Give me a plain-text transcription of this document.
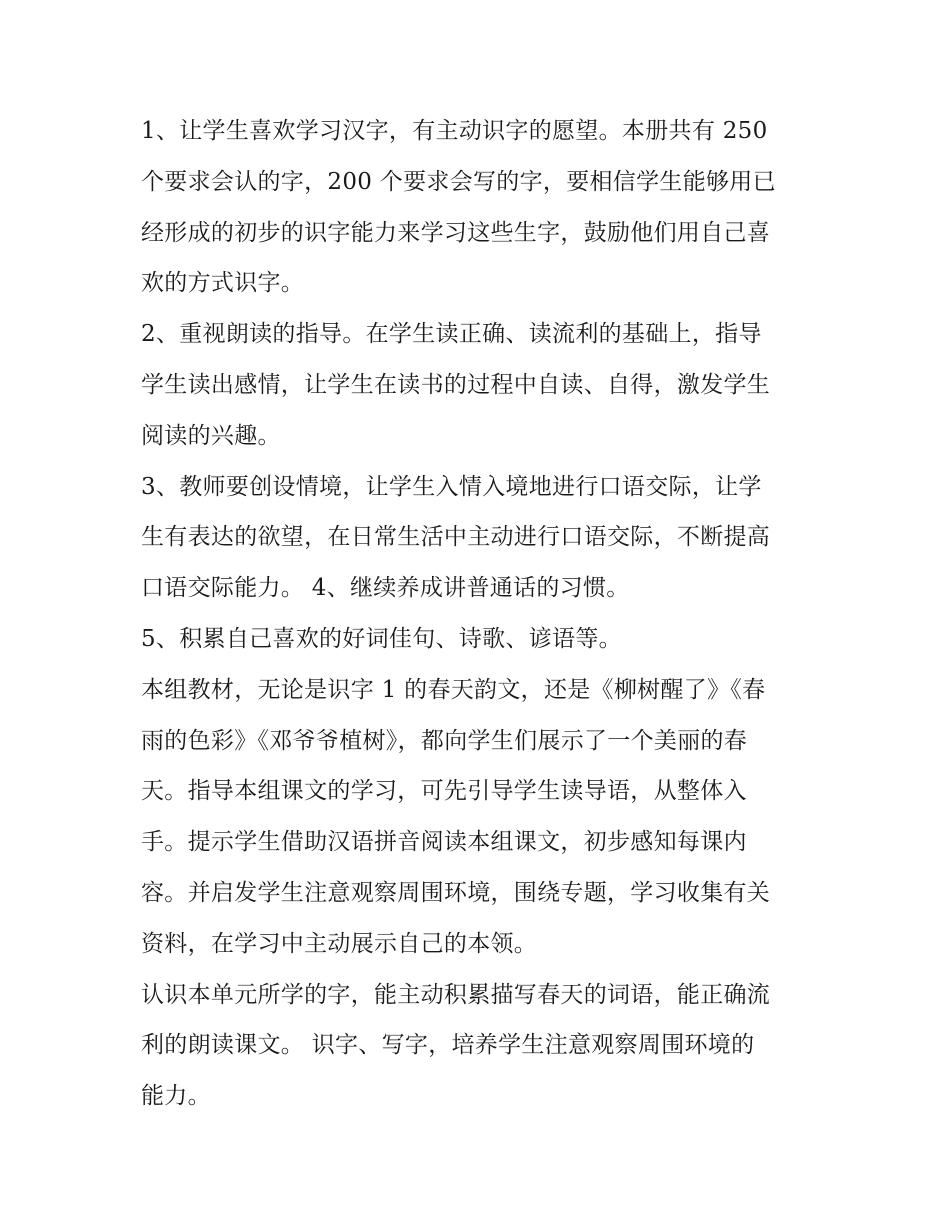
1、让学生喜欢学习汉字，有主动识字的愿望。本册共有 250
个要求会认的字，200 个要求会写的字，要相信学生能够用已
经形成的初步的识字能力来学习这些生字，鼓励他们用自己喜
欢的方式识字。
2、重视朗读的指导。在学生读正确、读流利的基础上，指导
学生读出感情，让学生在读书的过程中自读、自得，激发学生
阅读的兴趣。
3、教师要创设情境，让学生入情入境地进行口语交际，让学
生有表达的欲望，在日常生活中主动进行口语交际，不断提高
口语交际能力。 4、继续养成讲普通话的习惯。
5、积累自己喜欢的好词佳句、诗歌、谚语等。
本组教材，无论是识字 1 的春天韵文，还是《柳树醒了》《春
雨的色彩》《邓爷爷植树》，都向学生们展示了一个美丽的春
天。指导本组课文的学习，可先引导学生读导语，从整体入
手。提示学生借助汉语拼音阅读本组课文，初步感知每课内
容。并启发学生注意观察周围环境，围绕专题，学习收集有关
资料，在学习中主动展示自己的本领。
认识本单元所学的字，能主动积累描写春天的词语，能正确流
利的朗读课文。 识字、写字，培养学生注意观察周围环境的
能力。
